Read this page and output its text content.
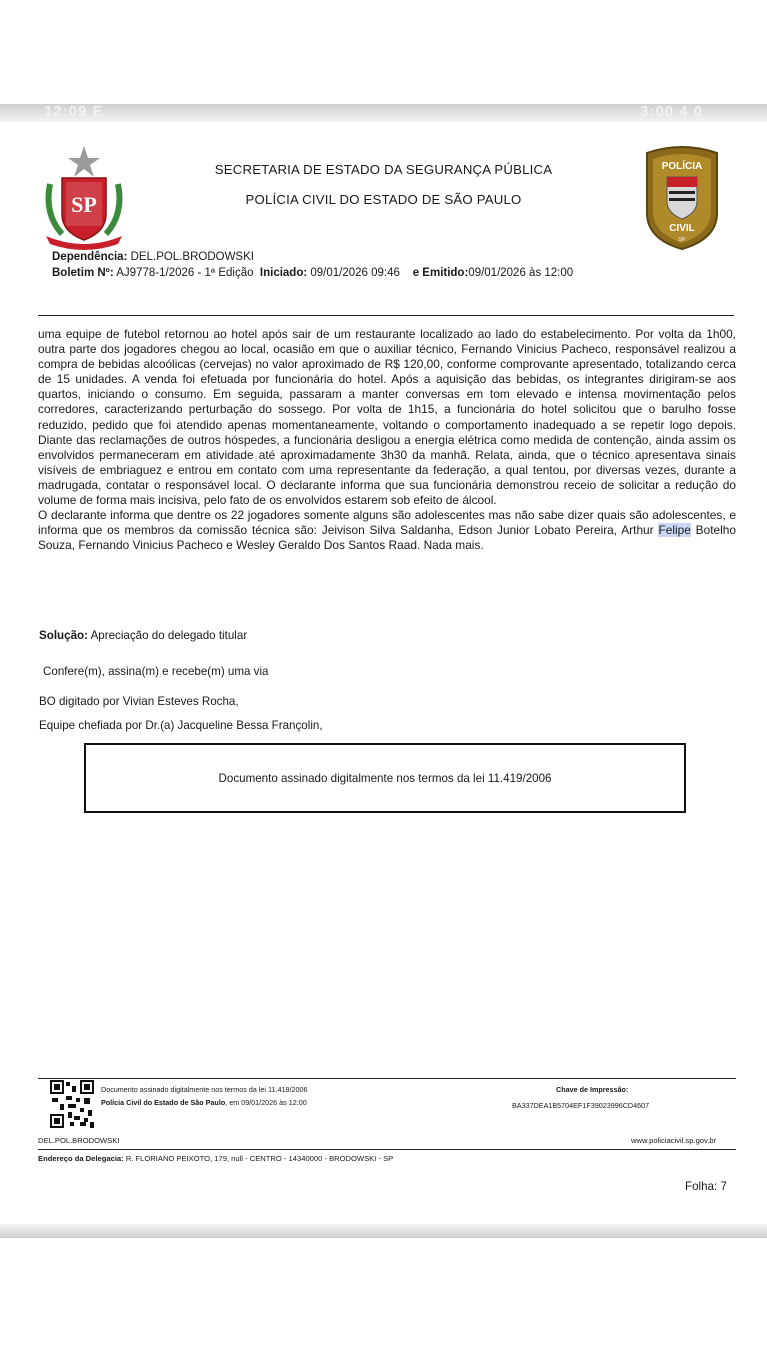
12:09 E	3:00 4 0
SP
SECRETARIA DE ESTADO DA SEGURANÇA PÚBLICA
POLÍCIA CIVIL DO ESTADO DE SÃO PAULO
POLÍCIA
CIVIL
SP
Dependência: DEL.POL.BRODOWSKI
Boletim Nº: AJ9778-1/2026 - 1ª Edição Iniciado: 09/01/2026 09:46 e Emitido:09/01/2026 às 12:00

uma equipe de futebol retornou ao hotel após sair de um restaurante localizado ao lado do estabelecimento. Por volta da 1h00, outra parte dos jogadores chegou ao local, ocasião em que o auxiliar técnico, Fernando Vinicius Pacheco, responsável realizou a compra de bebidas alcoólicas (cervejas) no valor aproximado de R$ 120,00, conforme comprovante apresentado, totalizando cerca de 15 unidades. A venda foi efetuada por funcionária do hotel. Após a aquisição das bebidas, os integrantes dirigiram-se aos quartos, iniciando o consumo. Em seguida, passaram a manter conversas em tom elevado e intensa movimentação pelos corredores, caracterizando perturbação do sossego. Por volta de 1h15, a funcionária do hotel solicitou que o barulho fosse reduzido, pedido que foi atendido apenas momentaneamente, voltando o comportamento inadequado a se repetir logo depois. Diante das reclamações de outros hóspedes, a funcionária desligou a energia elétrica como medida de contenção, ainda assim os envolvidos permaneceram em atividade até aproximadamente 3h30 da manhã. Relata, ainda, que o técnico apresentava sinais visíveis de embriaguez e entrou em contato com uma representante da federação, a qual tentou, por diversas vezes, durante a madrugada, contatar o responsável local. O declarante informa que sua funcionária demonstrou receio de solicitar a redução do volume de forma mais incisiva, pelo fato de os envolvidos estarem sob efeito de álcool.

O declarante informa que dentre os 22 jogadores somente alguns são adolescentes mas não sabe dizer quais são adolescentes, e informa que os membros da comissão técnica são: Jeivison Silva Saldanha, Edson Junior Lobato Pereira, Arthur Felipe Botelho Souza, Fernando Vinicius Pacheco e Wesley Geraldo Dos Santos Raad. Nada mais.

Solução: Apreciação do delegado titular
Confere(m), assina(m) e recebe(m) uma via
BO digitado por Vivian Esteves Rocha,
Equipe chefiada por Dr.(a) Jacqueline Bessa Françolin,
Documento assinado digitalmente nos termos da lei 11.419/2006
Documento assinado digitalmente nos termos da lei 11.419/2006
Polícia Civil do Estado de São Paulo, em 09/01/2026 às 12:00
Chave de Impressão:
BA337DEA1B5704EF1F39023996CD4607
DEL.POL.BRODOWSKI	www.policiacivil.sp.gov.br
Endereço da Delegacia: R. FLORIANO PEIXOTO, 179, null - CENTRO - 14340000 - BRODOWSKI - SP
Folha: 7
